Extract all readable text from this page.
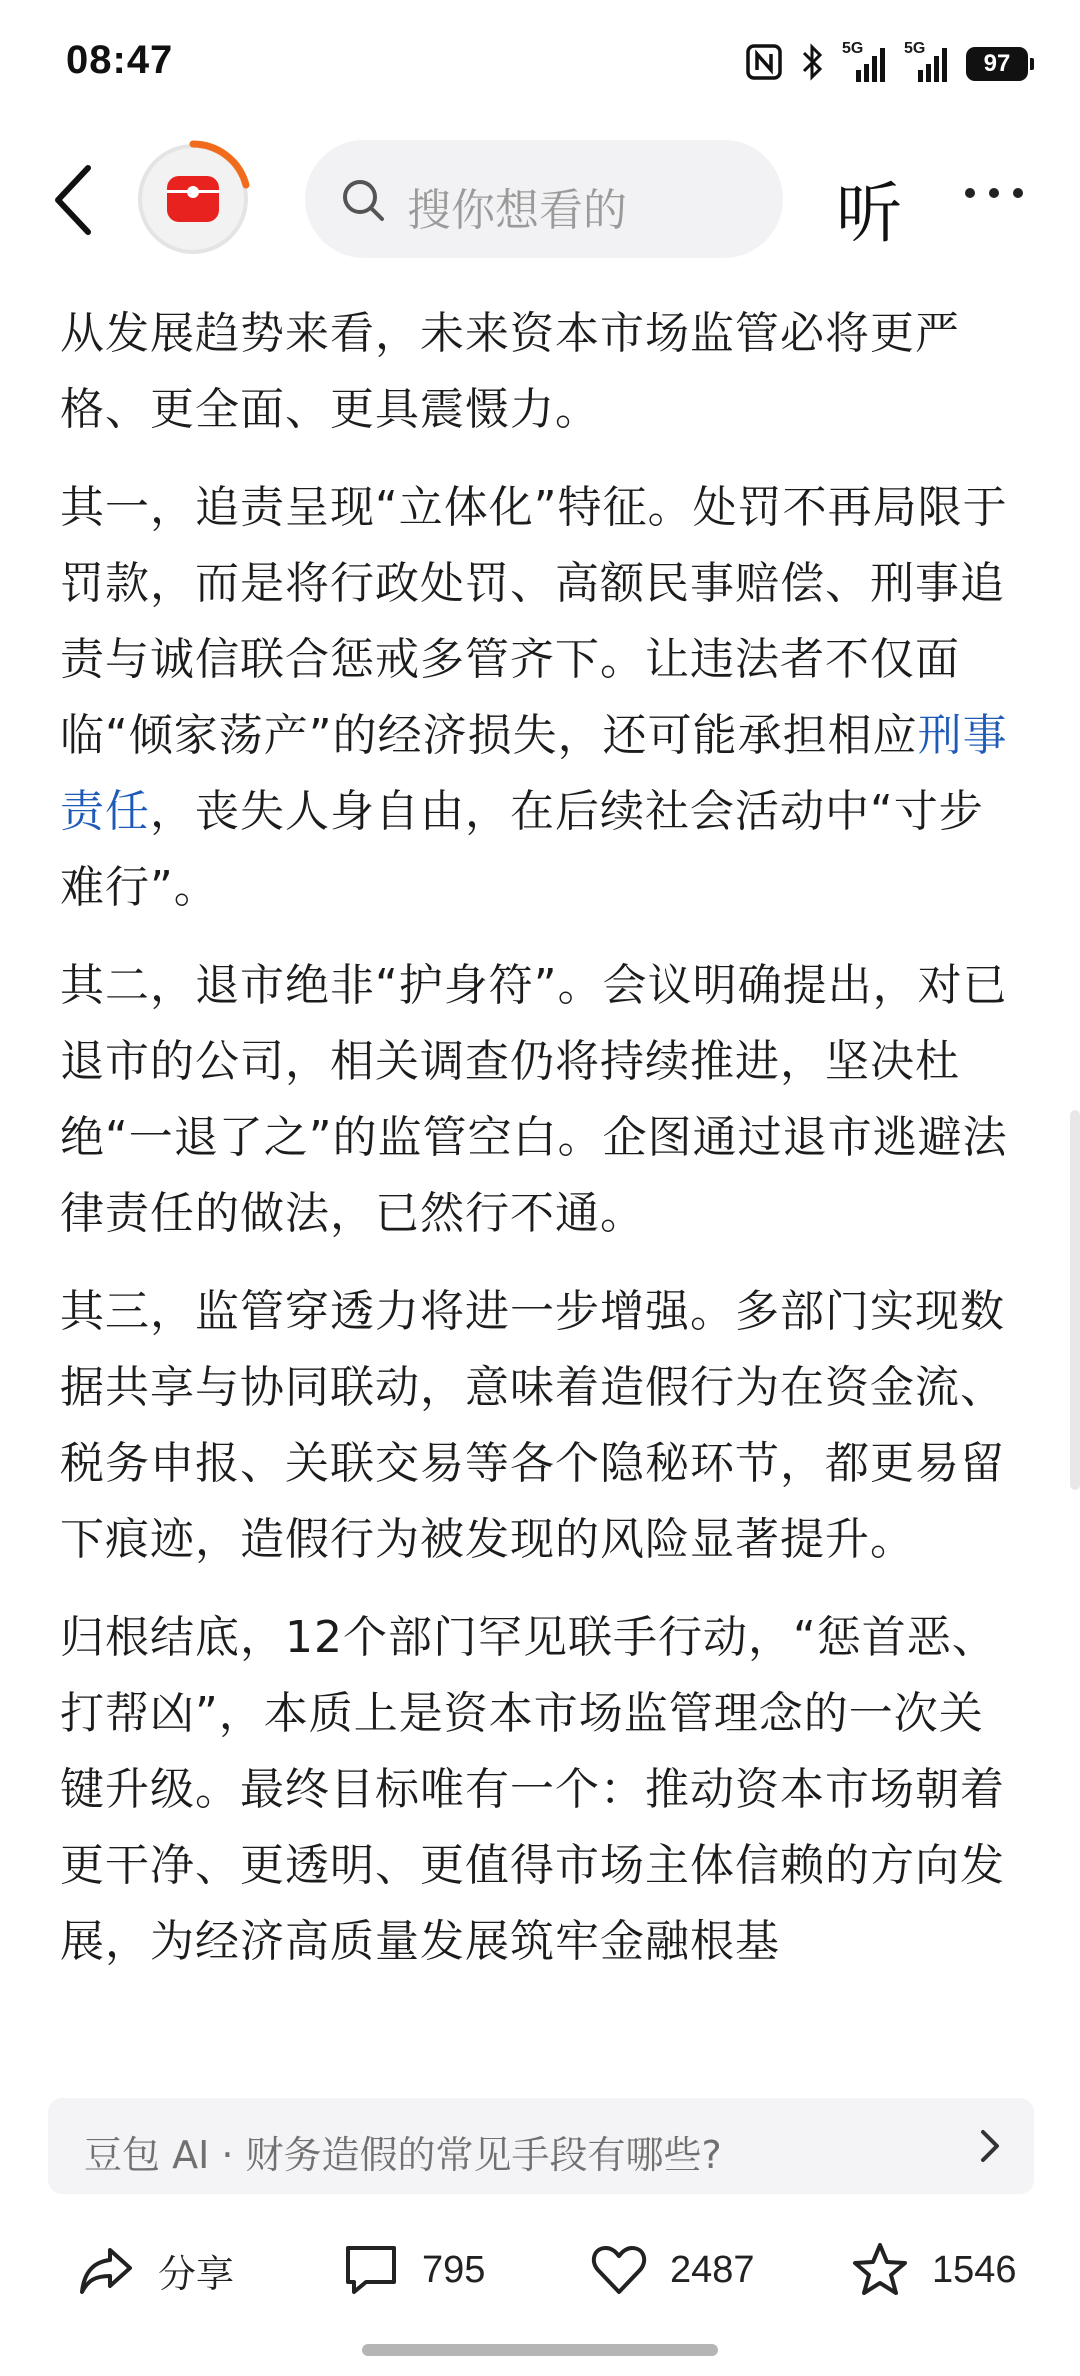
08:47	5G	5G
97
搜你想看的	听

从发展趋势来看，未来资本市场监管必将更严格、更全面、更具震慑力。

其一，追责呈现“立体化”特征。处罚不再局限于罚款，而是将行政处罚、高额民事赔偿、刑事追责与诚信联合惩戒多管齐下。让违法者不仅面临“倾家荡产”的经济损失，还可能承担相应刑事责任，丧失人身自由，在后续社会活动中“寸步难行”。

其二，退市绝非“护身符”。会议明确提出，对已退市的公司，相关调查仍将持续推进，坚决杜绝“一退了之”的监管空白。企图通过退市逃避法律责任的做法，已然行不通。

其三，监管穿透力将进一步增强。多部门实现数据共享与协同联动，意味着造假行为在资金流、税务申报、关联交易等各个隐秘环节，都更易留下痕迹，造假行为被发现的风险显著提升。

归根结底，12个部门罕见联手行动，“惩首恶、打帮凶”，本质上是资本市场监管理念的一次关键升级。最终目标唯有一个：推动资本市场朝着更干净、更透明、更值得市场主体信赖的方向发展，为经济高质量发展筑牢金融根基

豆包 AI · 财务造假的常见手段有哪些?
分享	795	2487	1546
